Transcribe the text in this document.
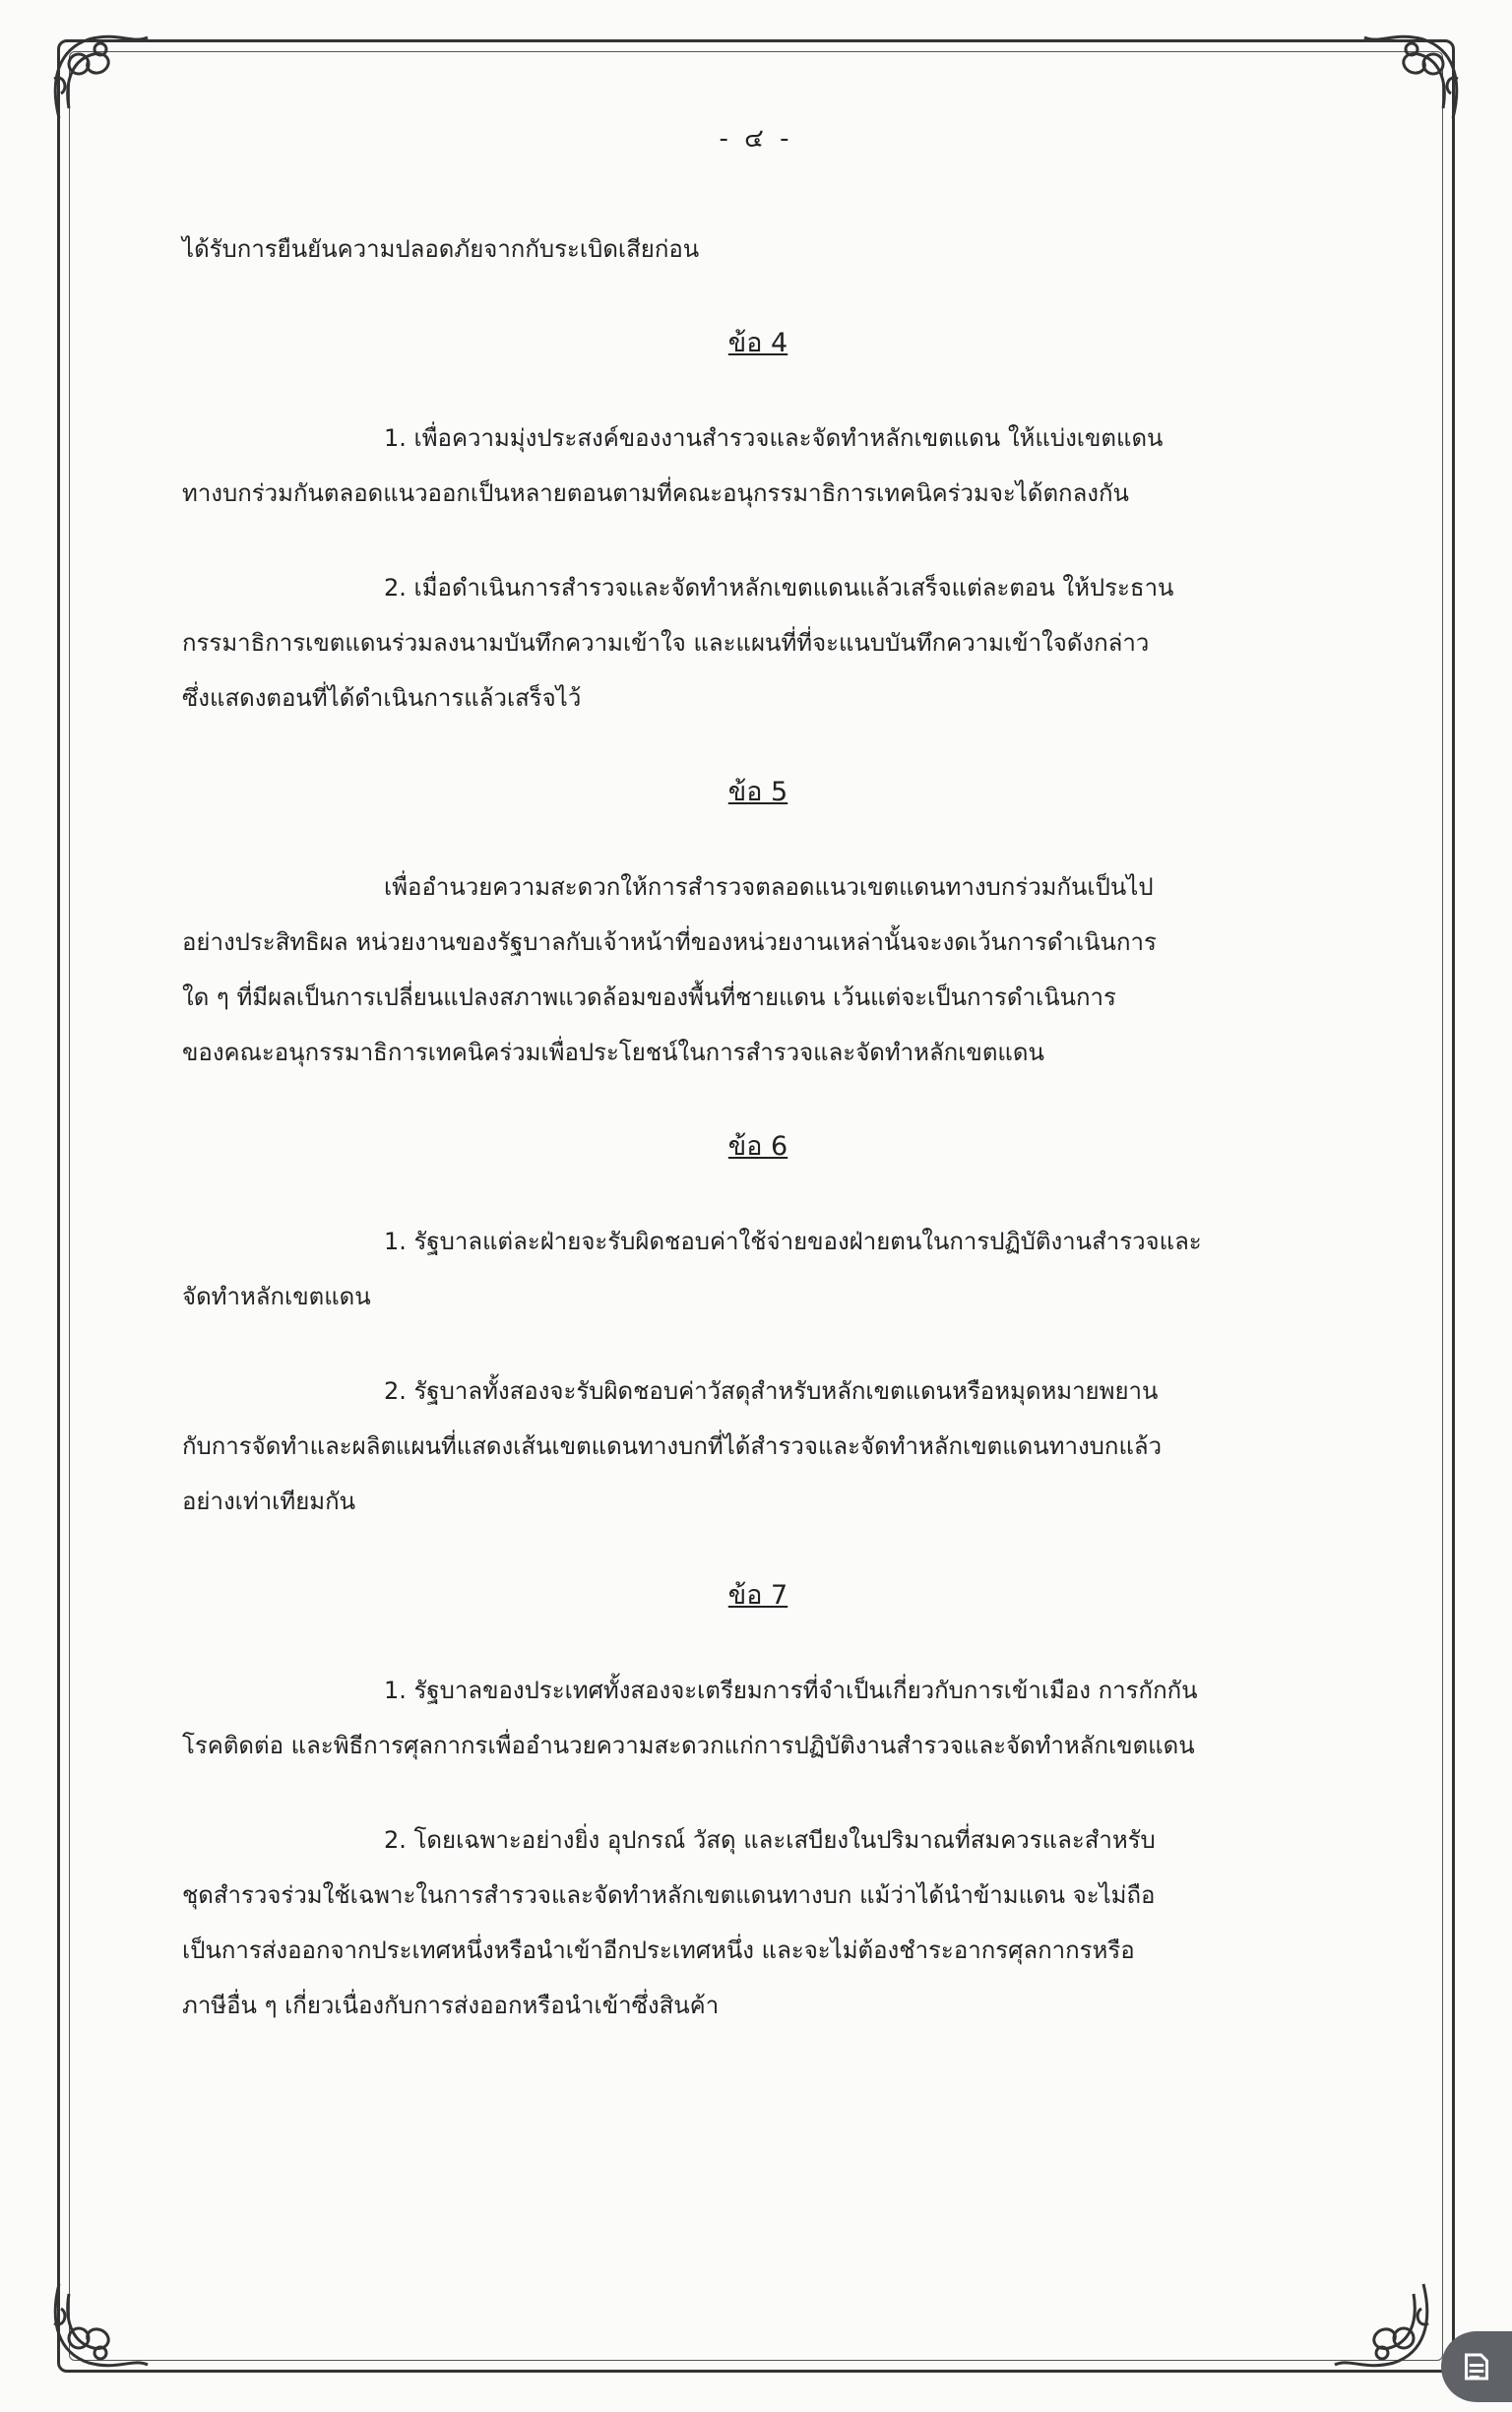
- ๔ -

ได้รับการยืนยันความปลอดภัยจากกับระเบิดเสียก่อน

ข้อ 4

1. เพื่อความมุ่งประสงค์ของงานสำรวจและจัดทำหลักเขตแดน ให้แบ่งเขตแดน

ทางบกร่วมกันตลอดแนวออกเป็นหลายตอนตามที่คณะอนุกรรมาธิการเทคนิคร่วมจะได้ตกลงกัน

2. เมื่อดำเนินการสำรวจและจัดทำหลักเขตแดนแล้วเสร็จแต่ละตอน ให้ประธาน

กรรมาธิการเขตแดนร่วมลงนามบันทึกความเข้าใจ และแผนที่ที่จะแนบบันทึกความเข้าใจดังกล่าว

ซึ่งแสดงตอนที่ได้ดำเนินการแล้วเสร็จไว้

ข้อ 5

เพื่ออำนวยความสะดวกให้การสำรวจตลอดแนวเขตแดนทางบกร่วมกันเป็นไป

อย่างประสิทธิผล หน่วยงานของรัฐบาลกับเจ้าหน้าที่ของหน่วยงานเหล่านั้นจะงดเว้นการดำเนินการ

ใด ๆ ที่มีผลเป็นการเปลี่ยนแปลงสภาพแวดล้อมของพื้นที่ชายแดน เว้นแต่จะเป็นการดำเนินการ

ของคณะอนุกรรมาธิการเทคนิคร่วมเพื่อประโยชน์ในการสำรวจและจัดทำหลักเขตแดน

ข้อ 6

1. รัฐบาลแต่ละฝ่ายจะรับผิดชอบค่าใช้จ่ายของฝ่ายตนในการปฏิบัติงานสำรวจและ

จัดทำหลักเขตแดน

2. รัฐบาลทั้งสองจะรับผิดชอบค่าวัสดุสำหรับหลักเขตแดนหรือหมุดหมายพยาน

กับการจัดทำและผลิตแผนที่แสดงเส้นเขตแดนทางบกที่ได้สำรวจและจัดทำหลักเขตแดนทางบกแล้ว

อย่างเท่าเทียมกัน

ข้อ 7

1. รัฐบาลของประเทศทั้งสองจะเตรียมการที่จำเป็นเกี่ยวกับการเข้าเมือง การกักกัน

โรคติดต่อ และพิธีการศุลกากรเพื่ออำนวยความสะดวกแก่การปฏิบัติงานสำรวจและจัดทำหลักเขตแดน

2. โดยเฉพาะอย่างยิ่ง อุปกรณ์ วัสดุ และเสบียงในปริมาณที่สมควรและสำหรับ

ชุดสำรวจร่วมใช้เฉพาะในการสำรวจและจัดทำหลักเขตแดนทางบก แม้ว่าได้นำข้ามแดน จะไม่ถือ

เป็นการส่งออกจากประเทศหนึ่งหรือนำเข้าอีกประเทศหนึ่ง และจะไม่ต้องชำระอากรศุลกากรหรือ

ภาษีอื่น ๆ เกี่ยวเนื่องกับการส่งออกหรือนำเข้าซึ่งสินค้า
